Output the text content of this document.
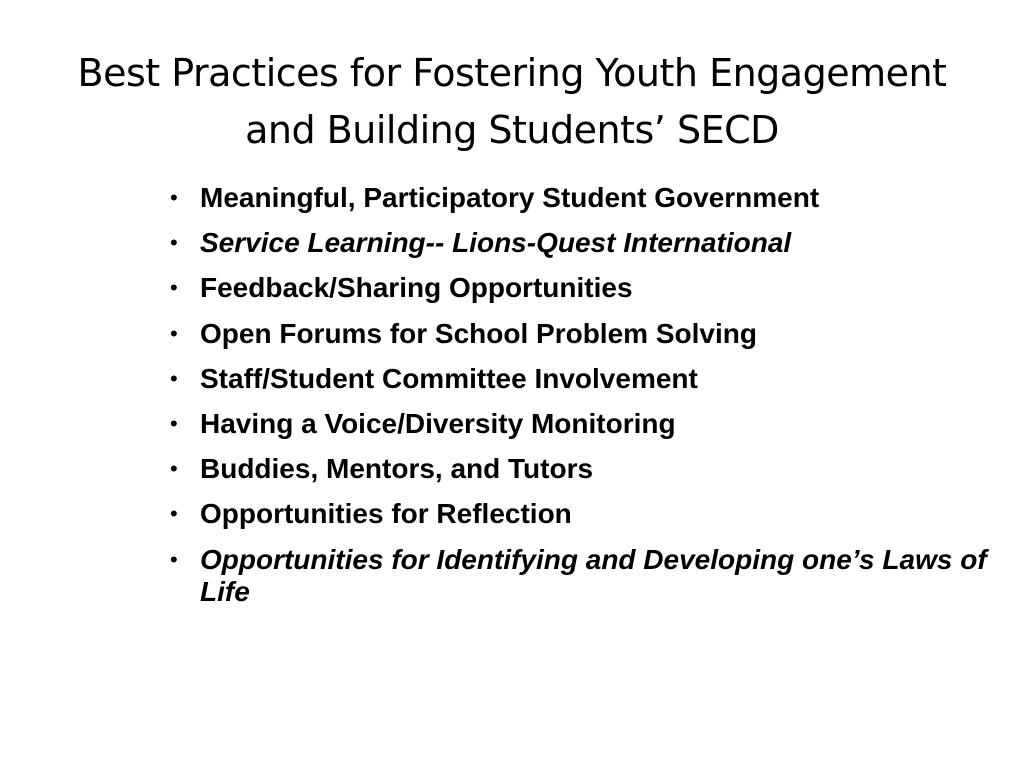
Best Practices for Fostering Youth Engagement
and Building Students’ SECD
• Meaningful, Participatory Student Government
• Service Learning-- Lions-Quest International
• Feedback/Sharing Opportunities
• Open Forums for School Problem Solving
• Staff/Student Committee Involvement
• Having a Voice/Diversity Monitoring
• Buddies, Mentors, and Tutors
• Opportunities for Reflection
• Opportunities for Identifying and Developing one’s Laws of Life
